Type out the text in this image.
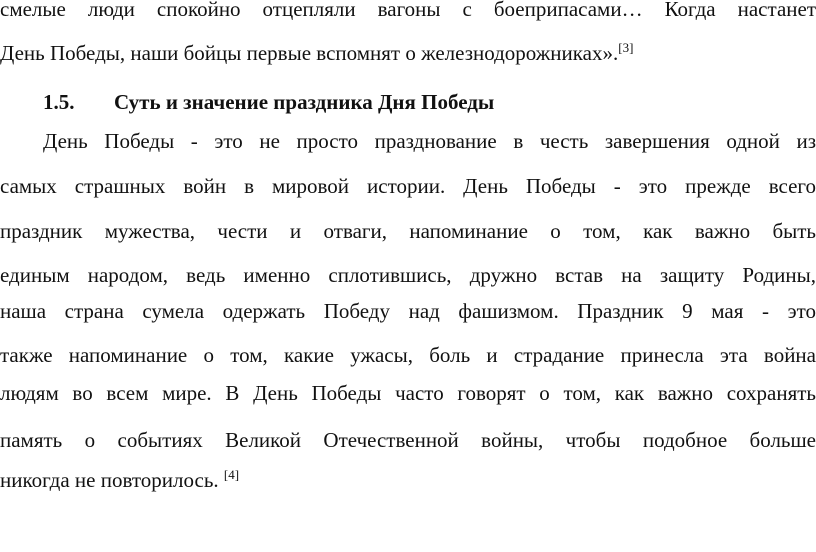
смелые люди спокойно отцепляли вагоны с боеприпасами… Когда настанет
День Победы, наши бойцы первые вспомнят о железнодорожниках».[3]
1.5. Суть и значение праздника Дня Победы
День Победы - это не просто празднование в честь завершения одной из
самых страшных войн в мировой истории. День Победы - это прежде всего
праздник мужества, чести и отваги, напоминание о том, как важно быть
единым народом, ведь именно сплотившись, дружно встав на защиту Родины,
наша страна сумела одержать Победу над фашизмом. Праздник 9 мая - это
также напоминание о том, какие ужасы, боль и страдание принесла эта война
людям во всем мире. В День Победы часто говорят о том, как важно сохранять
память о событиях Великой Отечественной войны, чтобы подобное больше
никогда не повторилось. [4]
